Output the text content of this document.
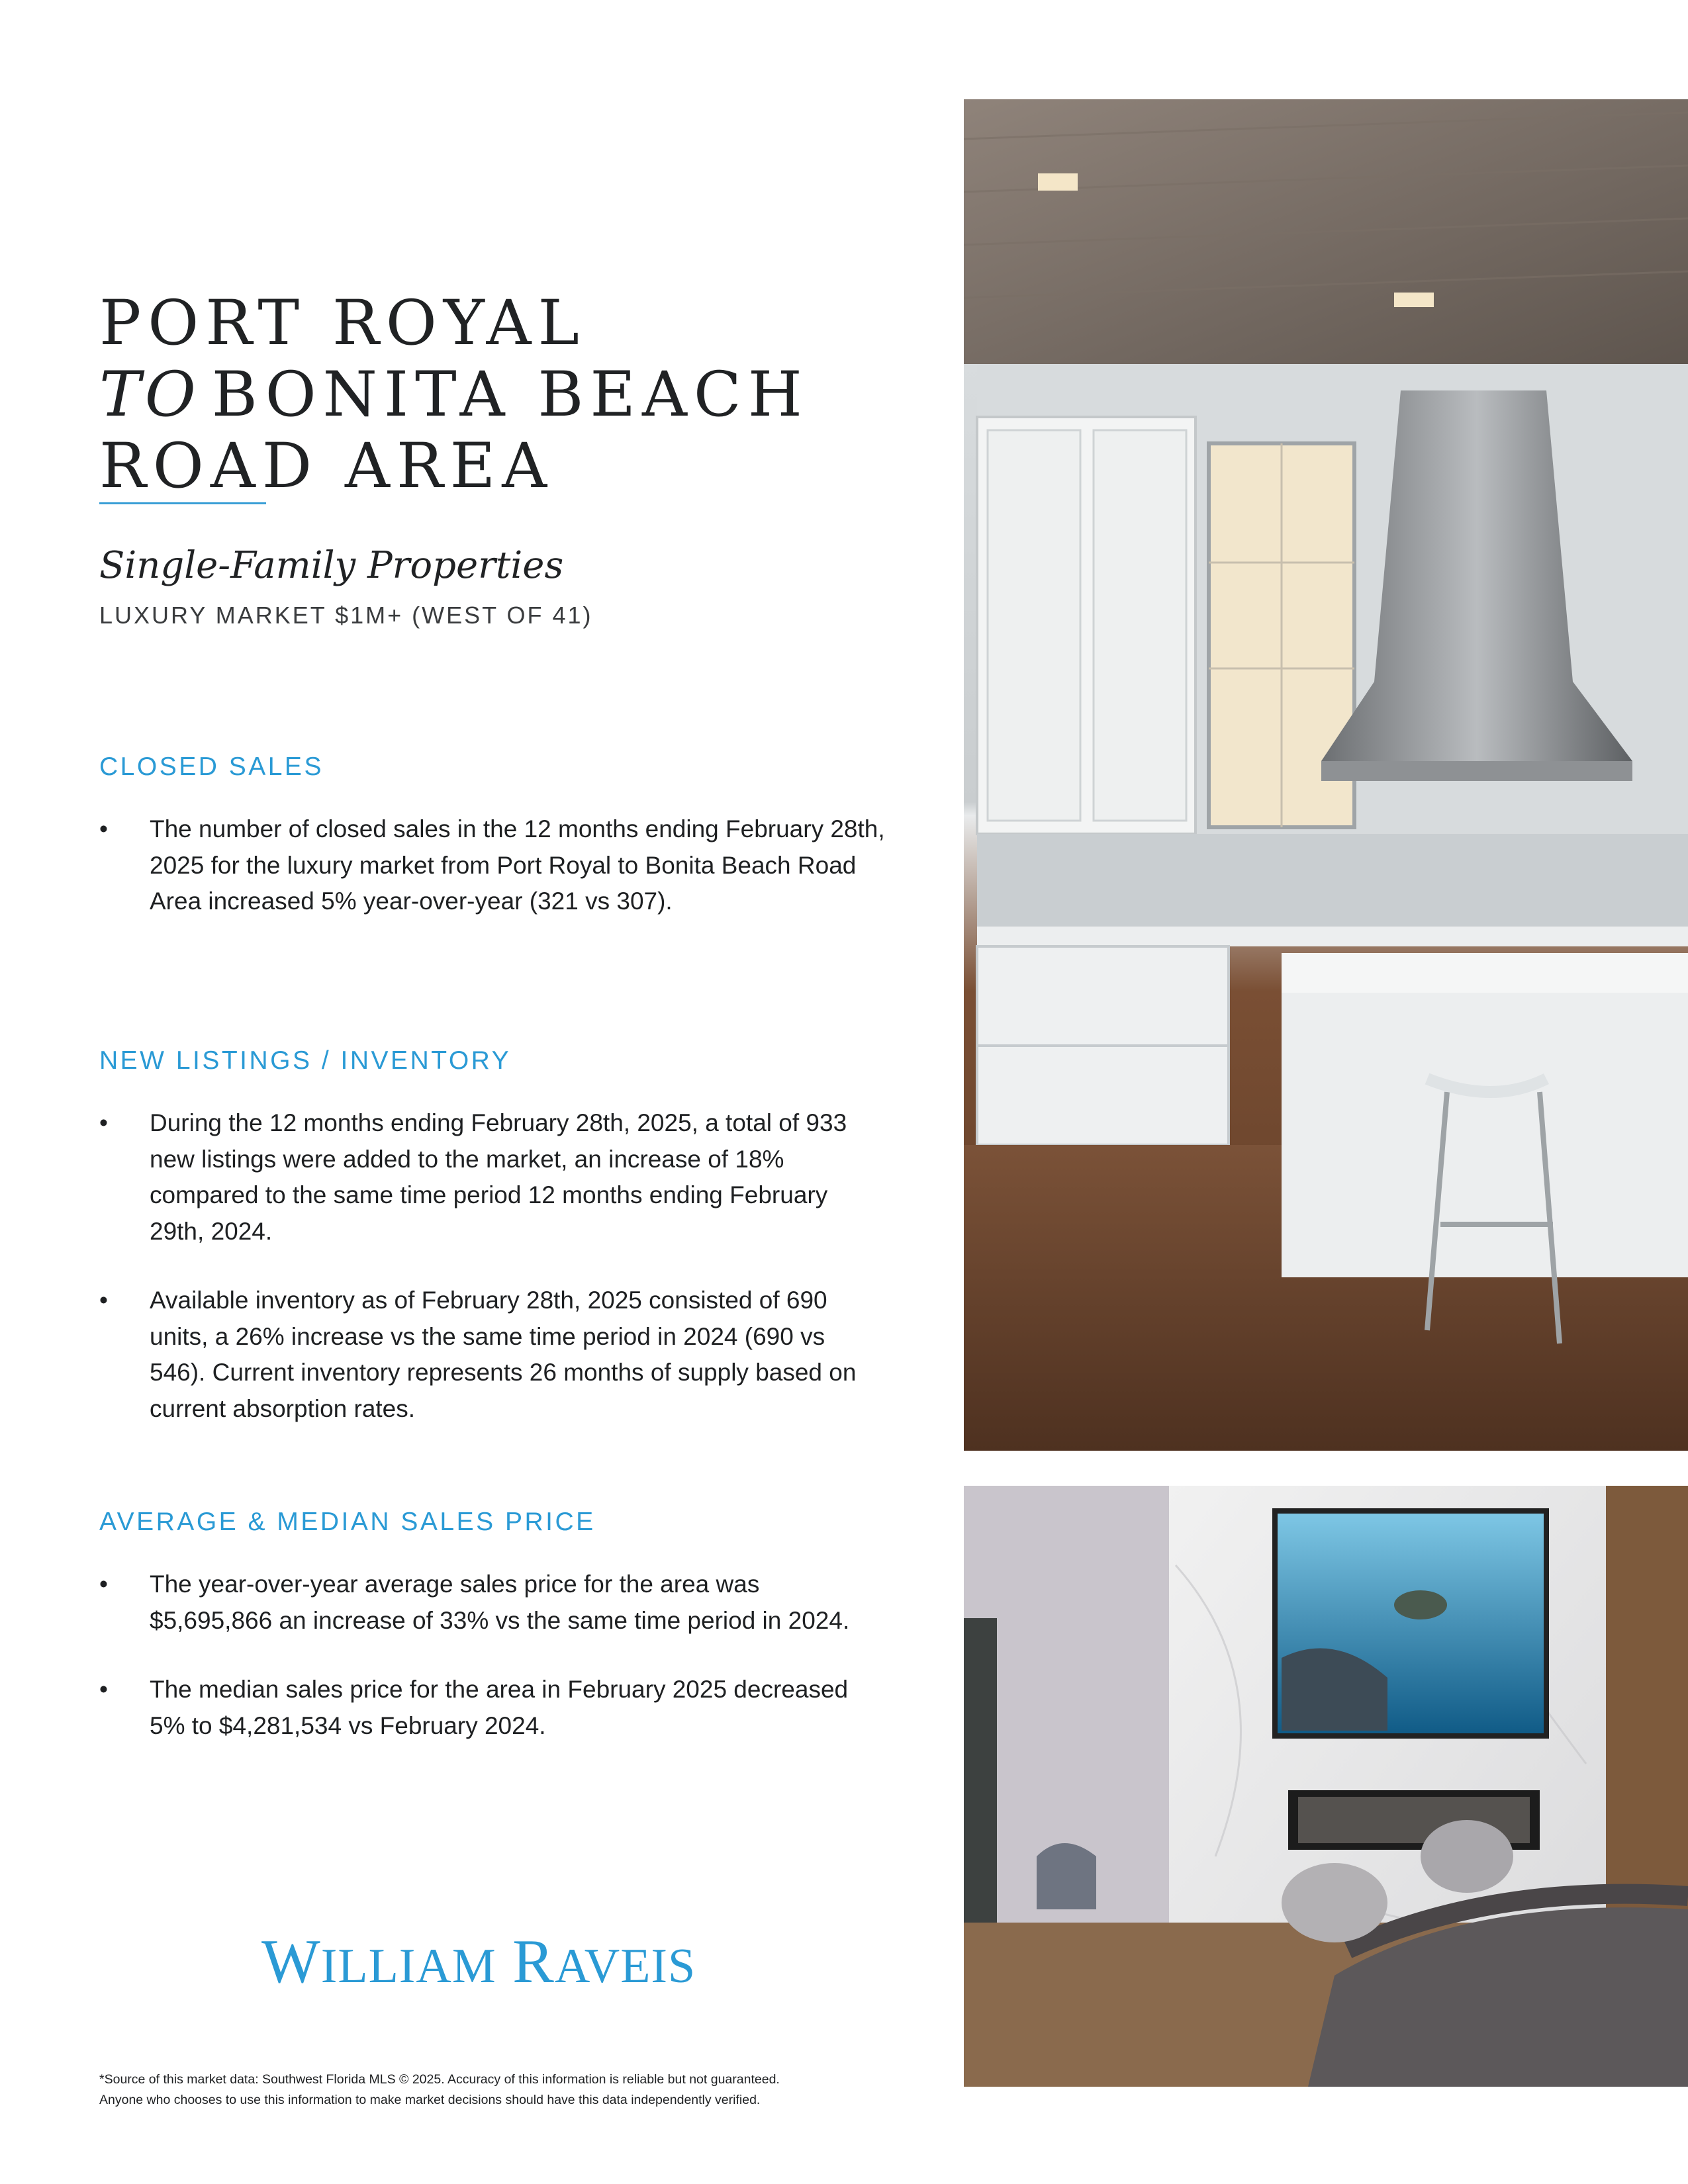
PORT ROYAL
TO BONITA BEACH
ROAD AREA
Single-Family Properties
LUXURY MARKET $1M+ (WEST OF 41)
CLOSED SALES
• The number of closed sales in the 12 months ending February 28th, 2025 for the luxury market from Port Royal to Bonita Beach Road Area increased 5% year-over-year (321 vs 307).
NEW LISTINGS / INVENTORY
• During the 12 months ending February 28th, 2025, a total of 933 new listings were added to the market, an increase of 18% compared to the same time period 12 months ending February 29th, 2024.
• Available inventory as of February 28th, 2025 consisted of 690 units, a 26% increase vs the same time period in 2024 (690 vs 546). Current inventory represents 26 months of supply based on current absorption rates.
AVERAGE & MEDIAN SALES PRICE
• The year-over-year average sales price for the area was $5,695,866 an increase of 33% vs the same time period in 2024.
• The median sales price for the area in February 2025 decreased 5% to $4,281,534 vs February 2024.
WILLIAM RAVEIS
*Source of this market data: Southwest Florida MLS © 2025. Accuracy of this information is reliable but not guaranteed.
Anyone who chooses to use this information to make market decisions should have this data independently verified.
